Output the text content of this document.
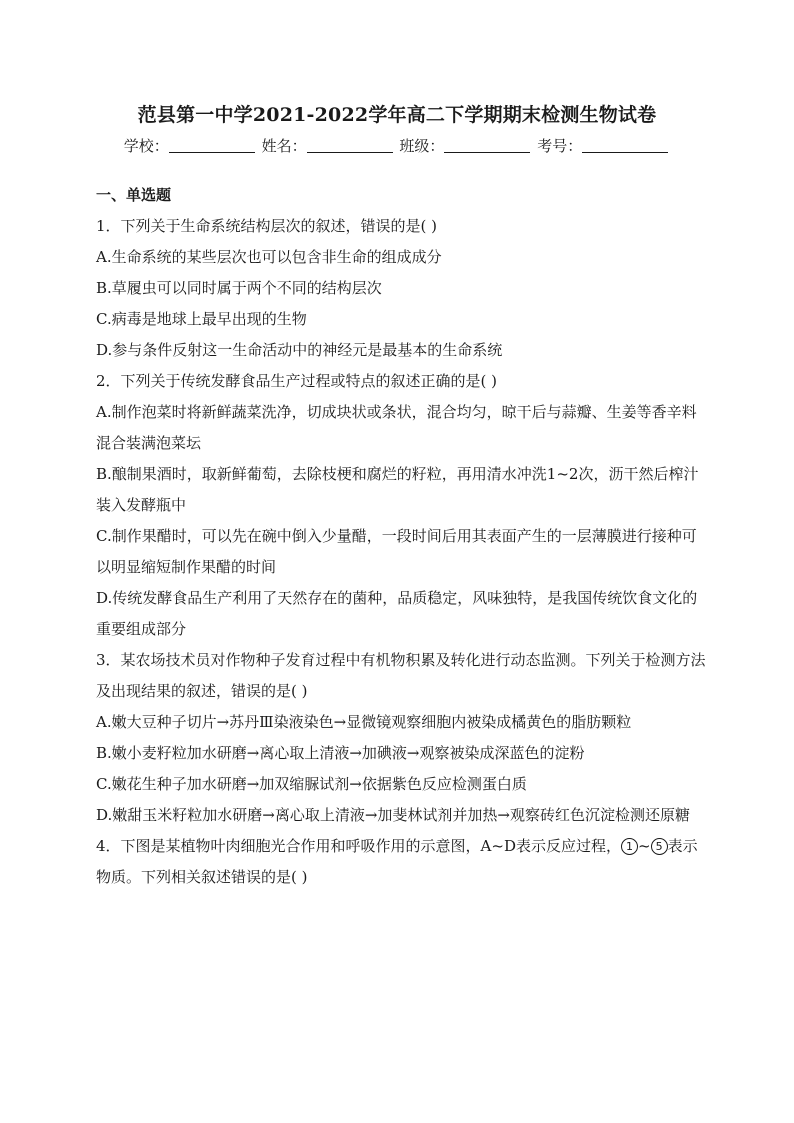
范县第一中学2021-2022学年高二下学期期末检测生物试卷
学校：	姓名：	班级：	考号：
一、单选题

1．下列关于生命系统结构层次的叙述，错误的是( )

A.生命系统的某些层次也可以包含非生命的组成成分

B.草履虫可以同时属于两个不同的结构层次

C.病毒是地球上最早出现的生物

D.参与条件反射这一生命活动中的神经元是最基本的生命系统

2．下列关于传统发酵食品生产过程或特点的叙述正确的是( )

A.制作泡菜时将新鲜蔬菜洗净，切成块状或条状，混合均匀，晾干后与蒜瓣、生姜等香辛料混合装满泡菜坛

B.酿制果酒时，取新鲜葡萄，去除枝梗和腐烂的籽粒，再用清水冲洗1~2次，沥干然后榨汁装入发酵瓶中

C.制作果醋时，可以先在碗中倒入少量醋，一段时间后用其表面产生的一层薄膜进行接种可以明显缩短制作果醋的时间

D.传统发酵食品生产利用了天然存在的菌种，品质稳定，风味独特，是我国传统饮食文化的重要组成部分

3．某农场技术员对作物种子发育过程中有机物积累及转化进行动态监测。下列关于检测方法及出现结果的叙述，错误的是( )

A.嫩大豆种子切片→苏丹Ⅲ染液染色→显微镜观察细胞内被染成橘黄色的脂肪颗粒

B.嫩小麦籽粒加水研磨→离心取上清液→加碘液→观察被染成深蓝色的淀粉

C.嫩花生种子加水研磨→加双缩脲试剂→依据紫色反应检测蛋白质

D.嫩甜玉米籽粒加水研磨→离心取上清液→加斐林试剂并加热→观察砖红色沉淀检测还原糖

4．下图是某植物叶肉细胞光合作用和呼吸作用的示意图，A~D表示反应过程， 1 ~ 5 表示物质。下列相关叙述错误的是( )
